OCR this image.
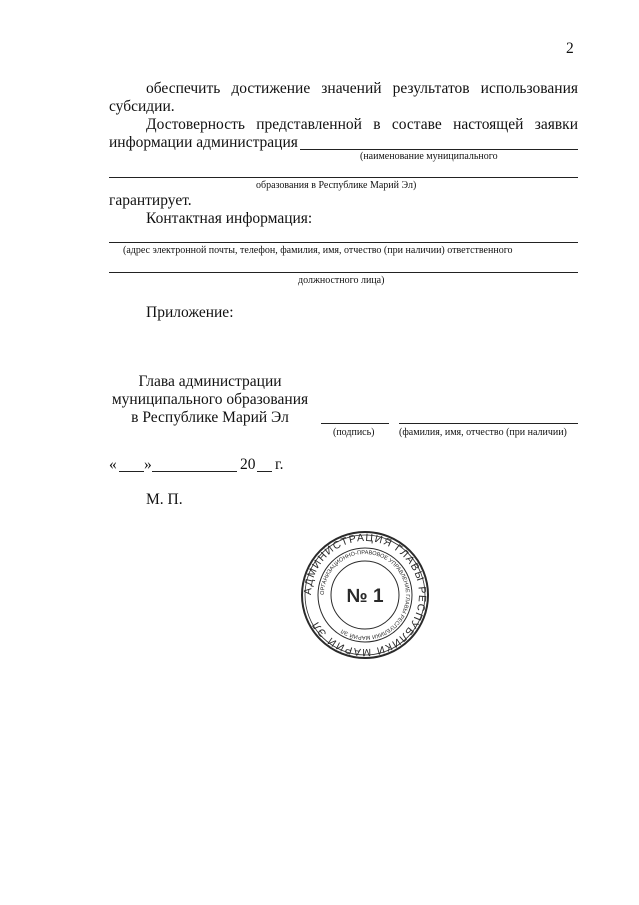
2
обеспечить достижение значений результатов использования
субсидии.
Достоверность представленной в составе настоящей заявки
информации администрация
(наименование муниципального
образования в Республике Марий Эл)
гарантирует.
Контактная информация:
(адрес электронной почты, телефон, фамилия, имя, отчество (при наличии) ответственного
должностного лица)
Приложение:
Глава администрации
муниципального образования
в Республике Марий Эл
(подпись) (фамилия, имя, отчество (при наличии)
« »	20 г.
М. П.
АДМИНИСТРАЦИЯ ГЛАВЫ РЕСПУБЛИКИ МАРИЙ ЭЛ
ОРГАНИЗАЦИОННО-ПРАВОВОЕ УПРАВЛЕНИЕ ГЛАВЫ РЕСПУБЛИКИ МАРИЙ ЭЛ
№ 1
